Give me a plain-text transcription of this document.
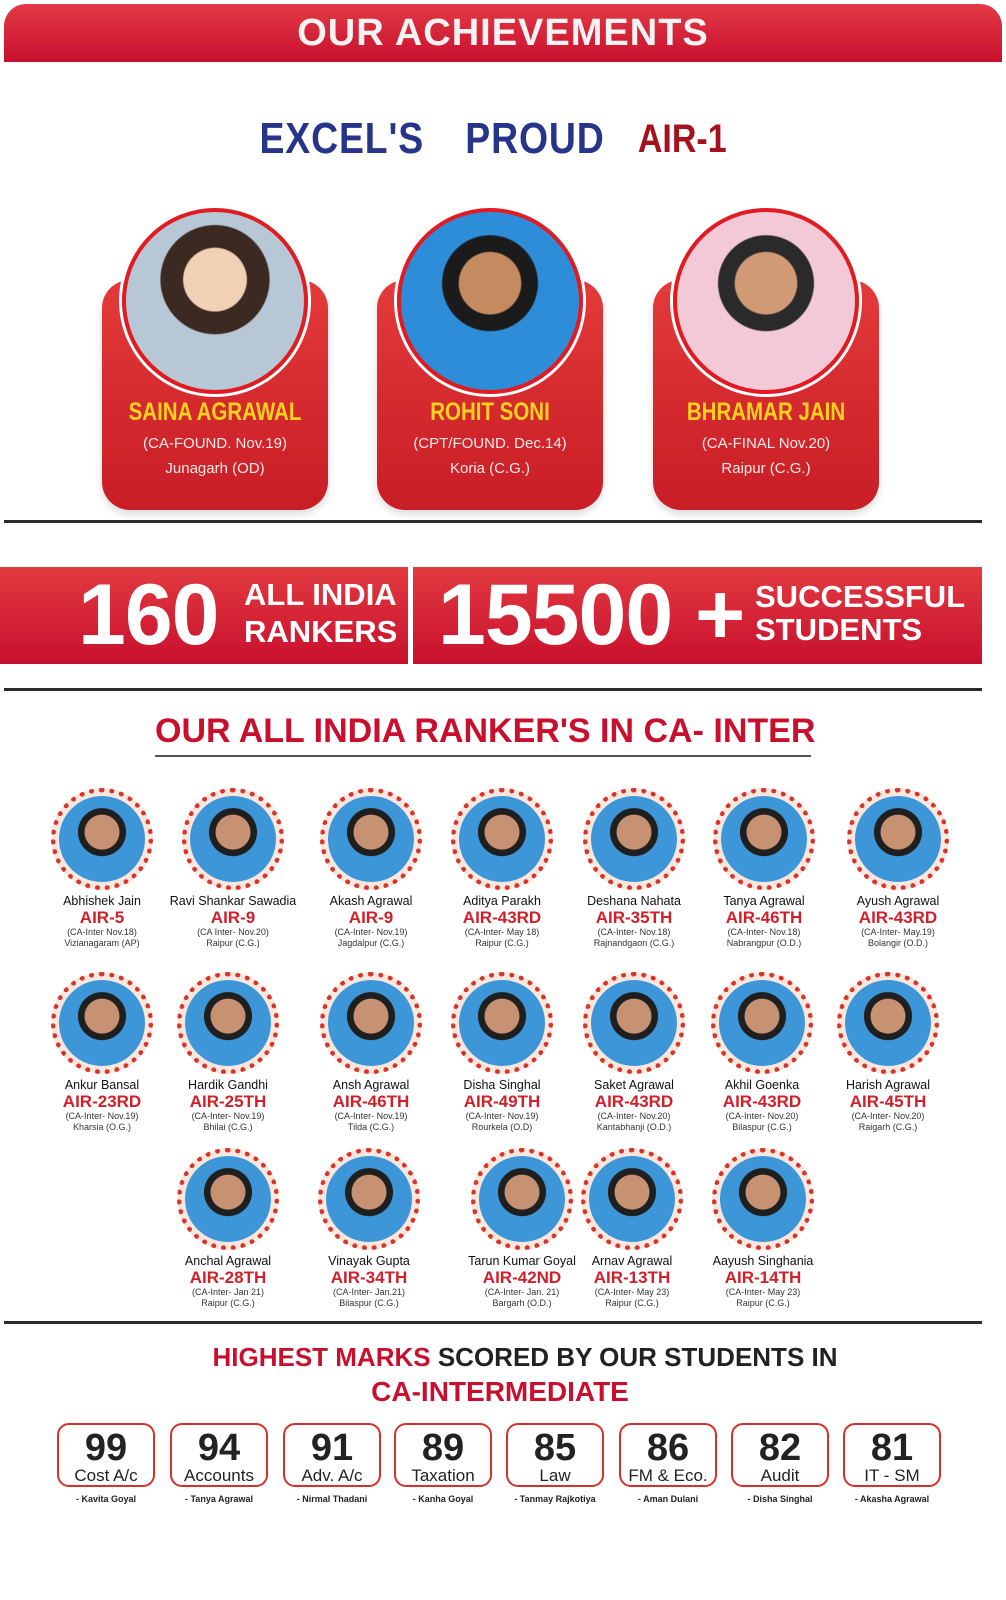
OUR ACHIEVEMENTS
EXCEL'S PROUD AIR-1
SAINA AGRAWAL
(CA-FOUND. Nov.19)
Junagarh (OD)
ROHIT SONI
(CPT/FOUND. Dec.14)
Koria (C.G.)
BHRAMAR JAIN
(CA-FINAL Nov.20)
Raipur (C.G.)
160 ALL INDIA
RANKERS 15500 + SUCCESSFUL
STUDENTS
OUR ALL INDIA RANKER'S IN CA- INTER
Abhishek Jain
AIR-5
(CA-Inter Nov.18)
Vizianagaram (AP)
Ravi Shankar Sawadia
AIR-9
(CA Inter- Nov.20)
Raipur (C.G.)
Akash Agrawal
AIR-9
(CA-Inter- Nov.19)
Jagdalpur (C.G.)
Aditya Parakh
AIR-43RD
(CA-Inter- May 18)
Raipur (C.G.)
Deshana Nahata
AIR-35TH
(CA-Inter- Nov.18)
Rajnandgaon (C.G.)
Tanya Agrawal
AIR-46TH
(CA-Inter- Nov.18)
Nabrangpur (O.D.)
Ayush Agrawal
AIR-43RD
(CA-Inter- May.19)
Bolangir (O.D.)
Ankur Bansal
AIR-23RD
(CA-Inter- Nov.19)
Kharsia (O.G.)
Hardik Gandhi
AIR-25TH
(CA-Inter- Nov.19)
Bhilai (C.G.)
Ansh Agrawal
AIR-46TH
(CA-Inter- Nov.19)
Tilda (C.G.)
Disha Singhal
AIR-49TH
(CA-Inter- Nov.19)
Rourkela (O.D)
Saket Agrawal
AIR-43RD
(CA-Inter- Nov.20)
Kantabhanji (O.D.)
Akhil Goenka
AIR-43RD
(CA-Inter- Nov.20)
Bilaspur (C.G.)
Harish Agrawal
AIR-45TH
(CA-Inter- Nov.20)
Raigarh (C.G.)
Anchal Agrawal
AIR-28TH
(CA-Inter- Jan 21)
Raipur (C.G.)
Vinayak Gupta
AIR-34TH
(CA-Inter- Jan.21)
Bilaspur (C.G.)
Tarun Kumar Goyal
AIR-42ND
(CA-Inter- Jan. 21)
Bargarh (O.D.)
Arnav Agrawal
AIR-13TH
(CA-Inter- May 23)
Raipur (C.G.)
Aayush Singhania
AIR-14TH
(CA-Inter- May 23)
Raipur (C.G.)
HIGHEST MARKS SCORED BY OUR STUDENTS IN
CA-INTERMEDIATE
99
Cost A/c
- Kavita Goyal
94
Accounts
- Tanya Agrawal
91
Adv. A/c
- Nirmal Thadani
89
Taxation
- Kanha Goyal
85
Law
- Tanmay Rajkotiya
86
FM & Eco.
- Aman Dulani
82
Audit
- Disha Singhal
81
IT - SM
- Akasha Agrawal
